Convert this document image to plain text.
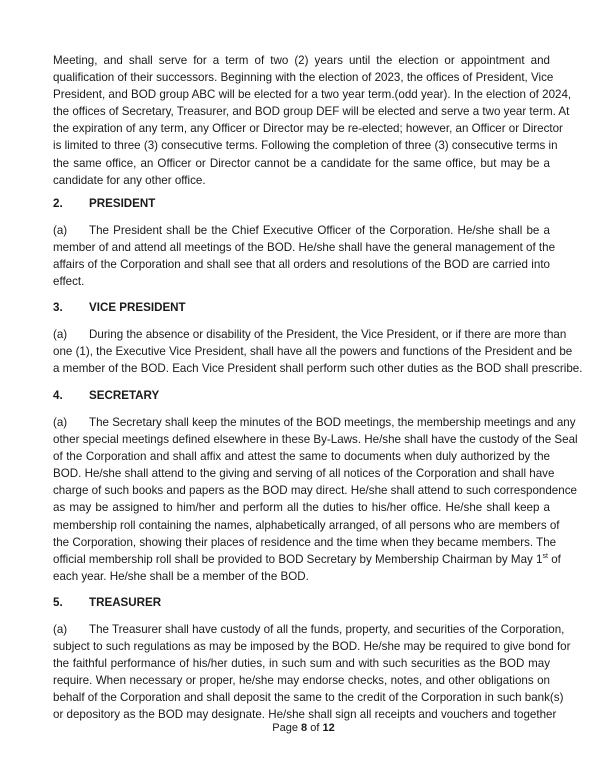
Meeting, and shall serve for a term of two (2) years until the election or appointment and
qualification of their successors. Beginning with the election of 2023, the offices of President, Vice
President, and BOD group ABC will be elected for a two year term.(odd year). In the election of 2024,
the offices of Secretary, Treasurer, and BOD group DEF will be elected and serve a two year term. At
the expiration of any term, any Officer or Director may be re-elected; however, an Officer or Director
is limited to three (3) consecutive terms. Following the completion of three (3) consecutive terms in
the same office, an Officer or Director cannot be a candidate for the same office, but may be a
candidate for any other office.
2. PRESIDENT
(a) The President shall be the Chief Executive Officer of the Corporation. He/she shall be a
member of and attend all meetings of the BOD. He/she shall have the general management of the
affairs of the Corporation and shall see that all orders and resolutions of the BOD are carried into
effect.
3. VICE PRESIDENT
(a) During the absence or disability of the President, the Vice President, or if there are more than
one (1), the Executive Vice President, shall have all the powers and functions of the President and be
a member of the BOD. Each Vice President shall perform such other duties as the BOD shall prescribe.
4. SECRETARY
(a) The Secretary shall keep the minutes of the BOD meetings, the membership meetings and any
other special meetings defined elsewhere in these By-Laws. He/she shall have the custody of the Seal
of the Corporation and shall affix and attest the same to documents when duly authorized by the
BOD. He/she shall attend to the giving and serving of all notices of the Corporation and shall have
charge of such books and papers as the BOD may direct. He/she shall attend to such correspondence
as may be assigned to him/her and perform all the duties to his/her office. He/she shall keep a
membership roll containing the names, alphabetically arranged, of all persons who are members of
the Corporation, showing their places of residence and the time when they became members. The
official membership roll shall be provided to BOD Secretary by Membership Chairman by May 1st of
each year. He/she shall be a member of the BOD.
5. TREASURER
(a) The Treasurer shall have custody of all the funds, property, and securities of the Corporation,
subject to such regulations as may be imposed by the BOD. He/she may be required to give bond for
the faithful performance of his/her duties, in such sum and with such securities as the BOD may
require. When necessary or proper, he/she may endorse checks, notes, and other obligations on
behalf of the Corporation and shall deposit the same to the credit of the Corporation in such bank(s)
or depository as the BOD may designate. He/she shall sign all receipts and vouchers and together
Page 8 of 12
